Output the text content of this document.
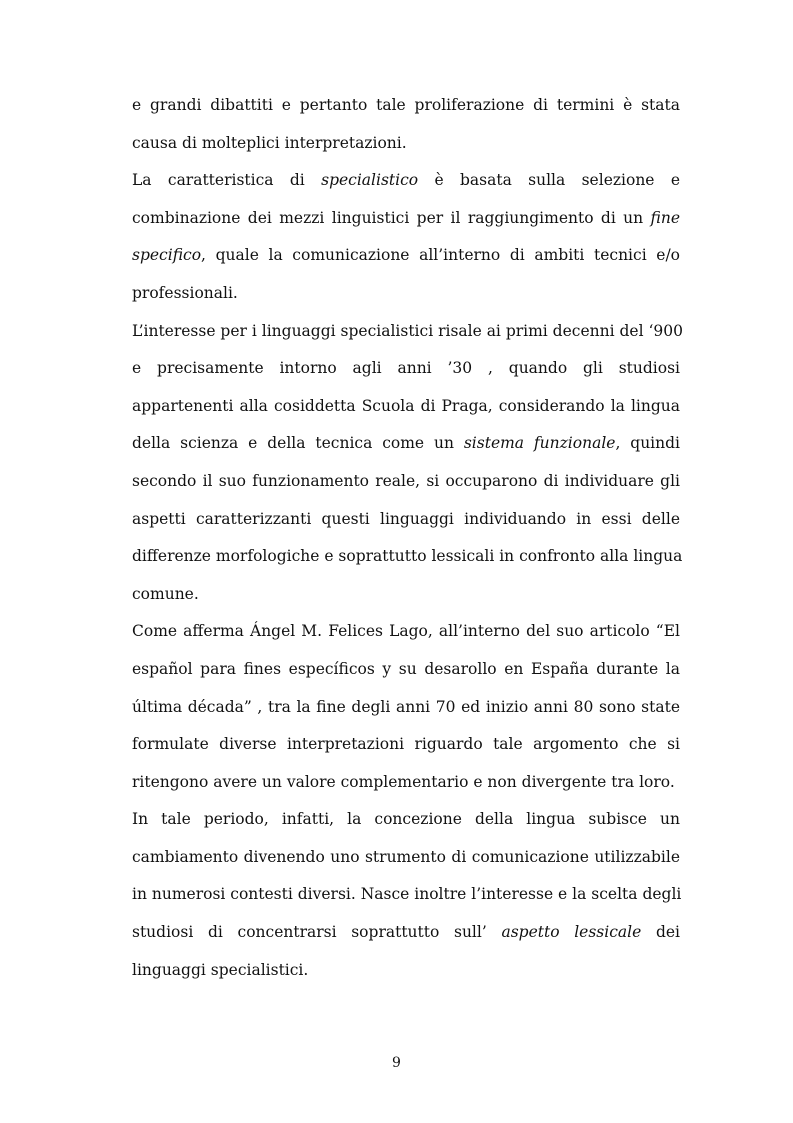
e grandi dibattiti e pertanto tale proliferazione di termini è stata
causa di molteplici interpretazioni.
La caratteristica di specialistico è basata sulla selezione e
combinazione dei mezzi linguistici per il raggiungimento di un fine
specifico, quale la comunicazione all’interno di ambiti tecnici e/o
professionali.
L’interesse per i linguaggi specialistici risale ai primi decenni del ‘900
e precisamente intorno agli anni ’30 , quando gli studiosi
appartenenti alla cosiddetta Scuola di Praga, considerando la lingua
della scienza e della tecnica come un sistema funzionale, quindi
secondo il suo funzionamento reale, si occuparono di individuare gli
aspetti caratterizzanti questi linguaggi individuando in essi delle
differenze morfologiche e soprattutto lessicali in confronto alla lingua
comune.
Come afferma Ángel M. Felices Lago, all’interno del suo articolo “El
español para fines específicos y su desarollo en España durante la
última década” , tra la fine degli anni 70 ed inizio anni 80 sono state
formulate diverse interpretazioni riguardo tale argomento che si
ritengono avere un valore complementario e non divergente tra loro.
In tale periodo, infatti, la concezione della lingua subisce un
cambiamento divenendo uno strumento di comunicazione utilizzabile
in numerosi contesti diversi. Nasce inoltre l’interesse e la scelta degli
studiosi di concentrarsi soprattutto sull’ aspetto lessicale dei
linguaggi specialistici.
9
